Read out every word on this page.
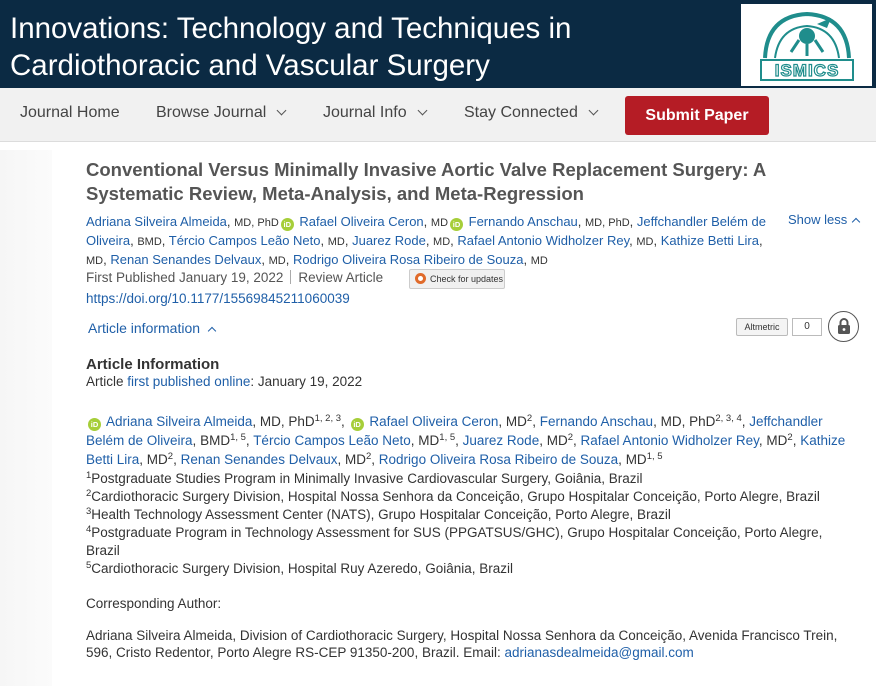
Innovations: Technology and Techniques in
Cardiothoracic and Vascular Surgery	ISMICS
Journal Home Browse Journal	Journal Info	Stay Connected	Submit Paper
Conventional Versus Minimally Invasive Aortic Valve Replacement Surgery: A Systematic Review, Meta-Analysis, and Meta-Regression
Adriana Silveira Almeida, MD, PhD iD Rafael Oliveira Ceron, MD iD Fernando Anschau, MD, PhD, Jeffchandler Belém de Oliveira, BMD, Tércio Campos Leão Neto, MD, Juarez Rode, MD, Rafael Antonio Widholzer Rey, MD, Kathize Betti Lira, MD, Renan Senandes Delvaux, MD, Rodrigo Oliveira Rosa Ribeiro de Souza, MD
Show less
First Published January 19, 2022 Review Article	Check for updates
https://doi.org/10.1177/15569845211060039
Article information	Altmetric	0
Article Information
Article first published online: January 19, 2022
iD Adriana Silveira Almeida, MD, PhD$^{1, 2, 3}$, iD Rafael Oliveira Ceron, $MD^2$, Fernando Anschau, MD, PhD$^{2, 3, 4}$, Jeffchandler Belém de Oliveira, BMD$^{1, 5}$, Tércio Campos Leão Neto, MD$^{1, 5}$, Juarez Rode, $MD^2$, Rafael Antonio Widholzer Rey, $MD^2$, Kathize Betti Lira, $MD^2$, Renan Senandes Delvaux, $MD^2$, Rodrigo Oliveira Rosa Ribeiro de Souza, MD$^{1, 5}$
$^1$Postgraduate Studies Program in Minimally Invasive Cardiovascular Surgery, Goiânia, Brazil
$^2$Cardiothoracic Surgery Division, Hospital Nossa Senhora da Conceição, Grupo Hospitalar Conceição, Porto Alegre, Brazil
$^3$Health Technology Assessment Center (NATS), Grupo Hospitalar Conceição, Porto Alegre, Brazil
$^4$Postgraduate Program in Technology Assessment for SUS (PPGATSUS/GHC), Grupo Hospitalar Conceição, Porto Alegre, Brazil
$^5$Cardiothoracic Surgery Division, Hospital Ruy Azeredo, Goiânia, Brazil
Corresponding Author:
Adriana Silveira Almeida, Division of Cardiothoracic Surgery, Hospital Nossa Senhora da Conceição, Avenida Francisco Trein, 596, Cristo Redentor, Porto Alegre RS-CEP 91350-200, Brazil. Email: adrianasdealmeida@gmail.com
